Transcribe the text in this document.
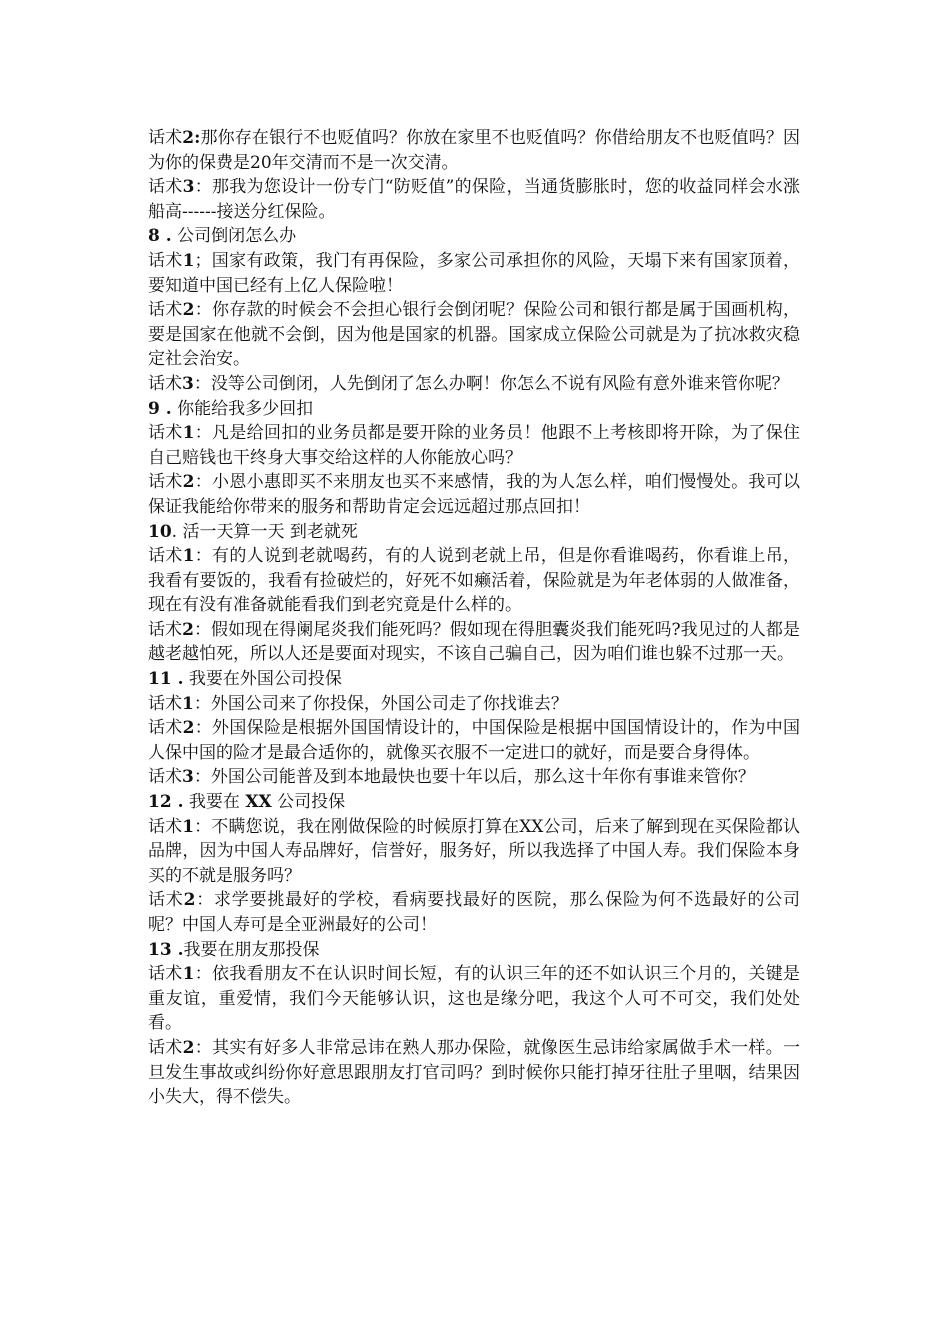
话术2:那你存在银行不也贬值吗？你放在家里不也贬值吗？你借给朋友不也贬值吗？因为你的保费是20年交清而不是一次交清。

话术3：那我为您设计一份专门“防贬值”的保险，当通货膨胀时，您的收益同样会水涨船高------接送分红保险。

8 . 公司倒闭怎么办

话术1；国家有政策，我门有再保险，多家公司承担你的风险，天塌下来有国家顶着，要知道中国已经有上亿人保险啦！

话术2：你存款的时候会不会担心银行会倒闭呢？保险公司和银行都是属于国画机构，要是国家在他就不会倒，因为他是国家的机器。国家成立保险公司就是为了抗冰救灾稳定社会治安。

话术3：没等公司倒闭，人先倒闭了怎么办啊！你怎么不说有风险有意外谁来管你呢？

9 . 你能给我多少回扣

话术1：凡是给回扣的业务员都是要开除的业务员！他跟不上考核即将开除，为了保住自己赔钱也干终身大事交给这样的人你能放心吗？

话术2：小恩小惠即买不来朋友也买不来感情，我的为人怎么样，咱们慢慢处。我可以保证我能给你带来的服务和帮助肯定会远远超过那点回扣！

10. 活一天算一天 到老就死

话术1：有的人说到老就喝药，有的人说到老就上吊，但是你看谁喝药，你看谁上吊，我看有要饭的，我看有捡破烂的，好死不如癞活着，保险就是为年老体弱的人做准备，现在有没有准备就能看我们到老究竟是什么样的。

话术2：假如现在得阑尾炎我们能死吗？假如现在得胆囊炎我们能死吗?我见过的人都是越老越怕死，所以人还是要面对现实，不该自己骗自己，因为咱们谁也躲不过那一天。

11 . 我要在外国公司投保

话术1：外国公司来了你投保，外国公司走了你找谁去？

话术2：外国保险是根据外国国情设计的，中国保险是根据中国国情设计的，作为中国人保中国的险才是最合适你的，就像买衣服不一定进口的就好，而是要合身得体。

话术3：外国公司能普及到本地最快也要十年以后，那么这十年你有事谁来管你？

12 . 我要在 XX 公司投保

话术1：不瞒您说，我在刚做保险的时候原打算在XX公司，后来了解到现在买保险都认品牌，因为中国人寿品牌好，信誉好，服务好，所以我选择了中国人寿。我们保险本身买的不就是服务吗？

话术2：求学要挑最好的学校，看病要找最好的医院，那么保险为何不选最好的公司呢？中国人寿可是全亚洲最好的公司！

13 .我要在朋友那投保

话术1：依我看朋友不在认识时间长短，有的认识三年的还不如认识三个月的，关键是重友谊，重爱情，我们今天能够认识，这也是缘分吧，我这个人可不可交，我们处处看。

话术2：其实有好多人非常忌讳在熟人那办保险，就像医生忌讳给家属做手术一样。一旦发生事故或纠纷你好意思跟朋友打官司吗？到时候你只能打掉牙往肚子里咽，结果因小失大，得不偿失。
